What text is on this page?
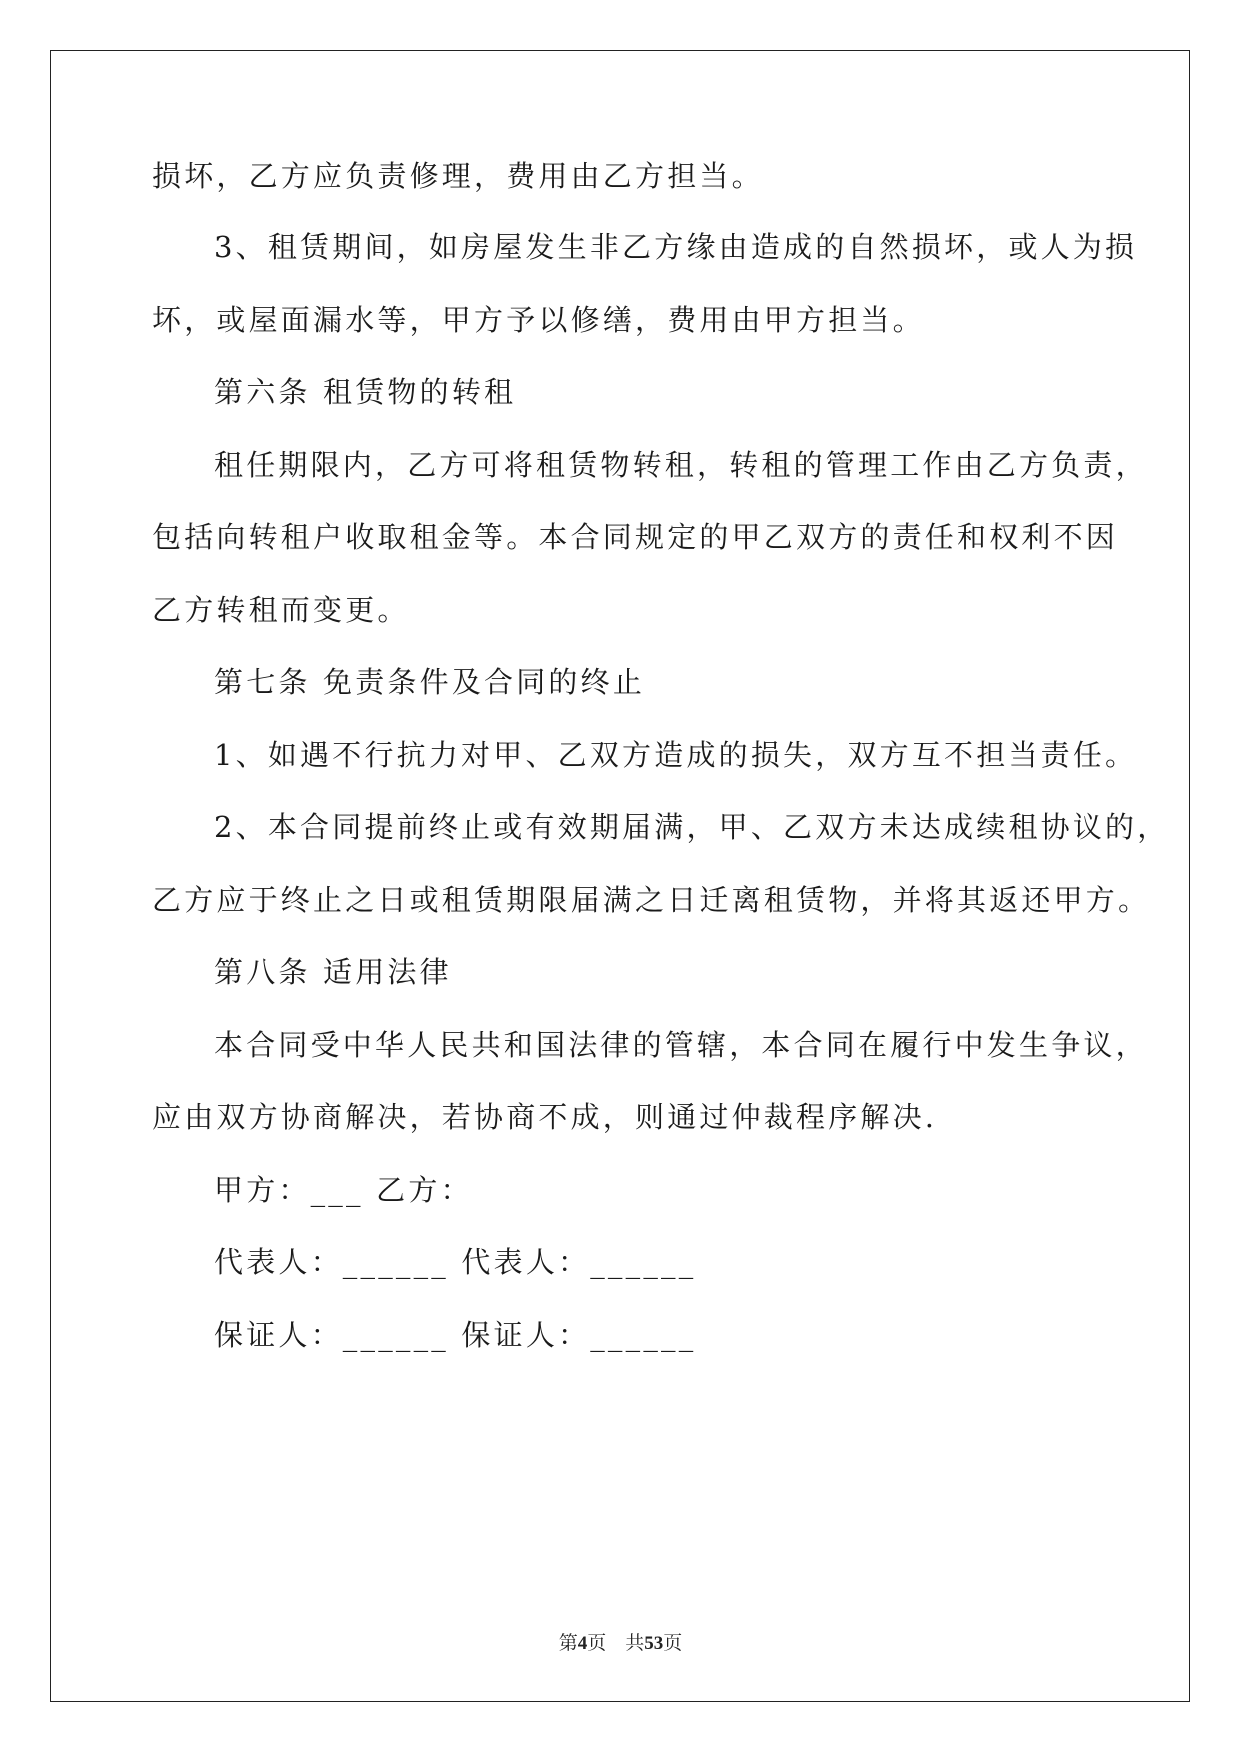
损坏，乙方应负责修理，费用由乙方担当。
3、租赁期间，如房屋发生非乙方缘由造成的自然损坏，或人为损
坏，或屋面漏水等，甲方予以修缮，费用由甲方担当。
第六条 租赁物的转租
租任期限内，乙方可将租赁物转租，转租的管理工作由乙方负责，
包括向转租户收取租金等。本合同规定的甲乙双方的责任和权利不因
乙方转租而变更。
第七条 免责条件及合同的终止
1、如遇不行抗力对甲、乙双方造成的损失，双方互不担当责任。
2、本合同提前终止或有效期届满，甲、乙双方未达成续租协议的，
乙方应于终止之日或租赁期限届满之日迁离租赁物，并将其返还甲方。
第八条 适用法律
本合同受中华人民共和国法律的管辖，本合同在履行中发生争议，
应由双方协商解决，若协商不成，则通过仲裁程序解决.
甲方：___ 乙方：
代表人：______ 代表人：______
保证人：______ 保证人：______
第4页　共53页
